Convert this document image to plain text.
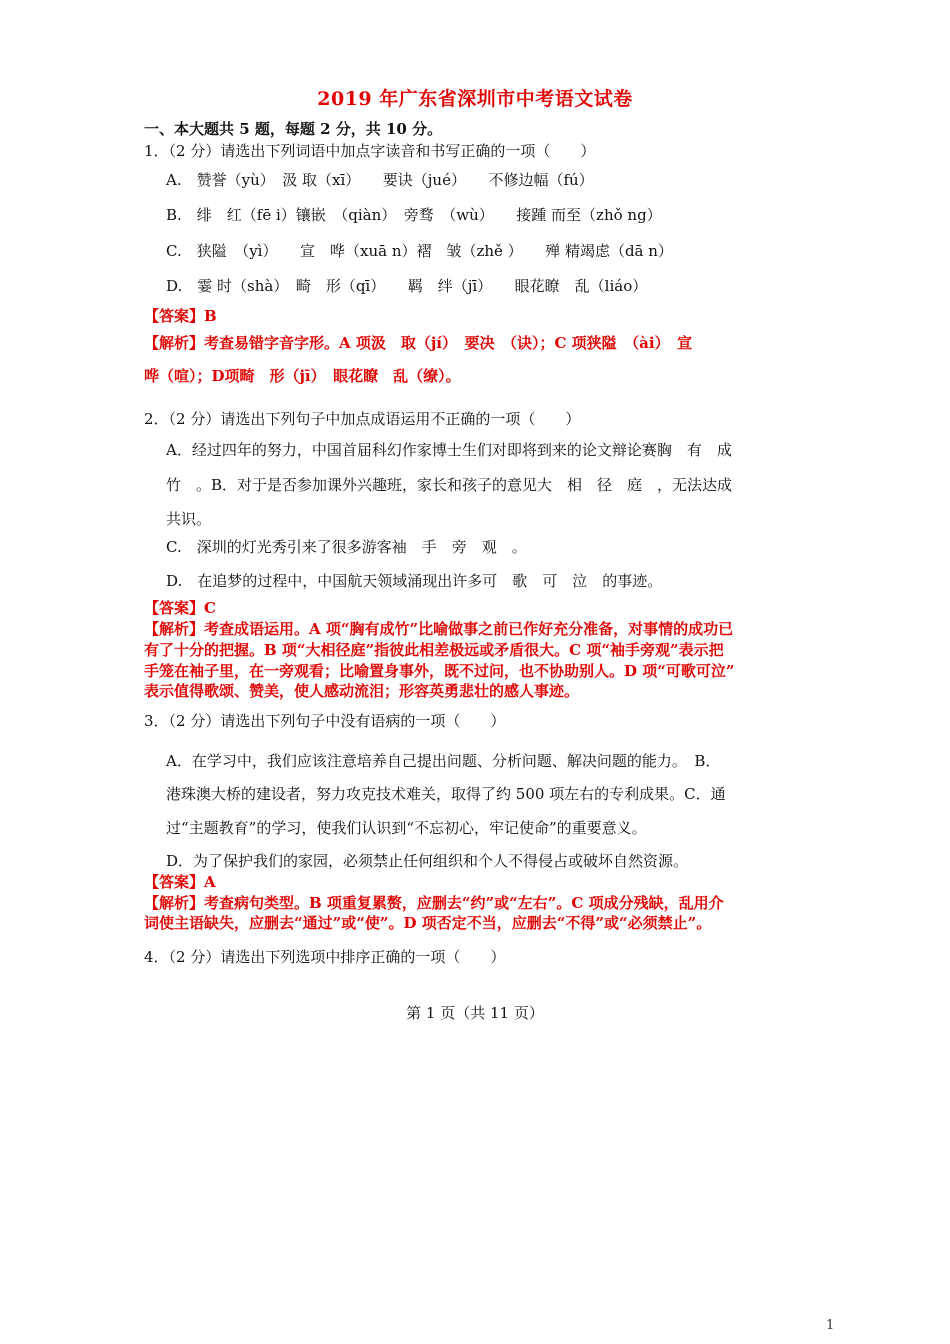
2019 年广东省深圳市中考语文试卷
一、本大题共 5 题，每题 2 分，共 10 分。
1．（2 分）请选出下列词语中加点字读音和书写正确的一项（　　）
A.　赞誉（yù）　汲 取（xī）　　要诀（jué）　　不修边幅（fú）
B.　绯　红（fē i）镶嵌　（qiàn）　旁骛　（wù）　　接踵 而至（zhǒ ng）
C.　狭隘　（yì）　　宣　哗（xuā n）褶　皱（zhě ）　　殚 精竭虑（dā n）
D.　霎 时（shà）　畸　形（qī）　　羁　绊（jī）　　眼花瞭　乱（liáo）
【答案】B
【解析】考查易错字音字形。A 项汲　取（jí）　要决　（诀）；C 项狭隘　（ài）　宣
哗（喧）；D项畸　形（jī）　眼花瞭　乱（缭）。
2．（2 分）请选出下列句子中加点成语运用不正确的一项（　　）
A．经过四年的努力，中国首届科幻作家博士生们对即将到来的论文辩论赛胸　有　成
竹　。B．对于是否参加课外兴趣班，家长和孩子的意见大　相　径　庭　，无法达成
共识。
C.　深圳的灯光秀引来了很多游客袖　手　旁　观　。
D.　在追梦的过程中，中国航天领域涌现出许多可　歌　可　泣　的事迹。
【答案】C
【解析】考查成语运用。A 项“胸有成竹”比喻做事之前已作好充分准备，对事情的成功已
有了十分的把握。B 项“大相径庭”指彼此相差极远或矛盾很大。C 项“袖手旁观”表示把
手笼在袖子里，在一旁观看；比喻置身事外，既不过问，也不协助别人。D 项“可歌可泣”
表示值得歌颂、赞美，使人感动流泪；形容英勇悲壮的感人事迹。
3．（2 分）请选出下列句子中没有语病的一项（　　）
A．在学习中，我们应该注意培养自己提出问题、分析问题、解决问题的能力。　B．
港珠澳大桥的建设者，努力攻克技术难关，取得了约 500 项左右的专利成果。C．通
过“主题教育”的学习，使我们认识到“不忘初心，牢记使命”的重要意义。
D．为了保护我们的家园，必须禁止任何组织和个人不得侵占或破坏自然资源。
【答案】A
【解析】考查病句类型。B 项重复累赘，应删去“约”或“左右”。C 项成分残缺，乱用介
词使主语缺失，应删去“通过”或“使”。D 项否定不当，应删去“不得”或“必须禁止”。
4．（2 分）请选出下列选项中排序正确的一项（　　）
第 1 页（共 11 页）
1
